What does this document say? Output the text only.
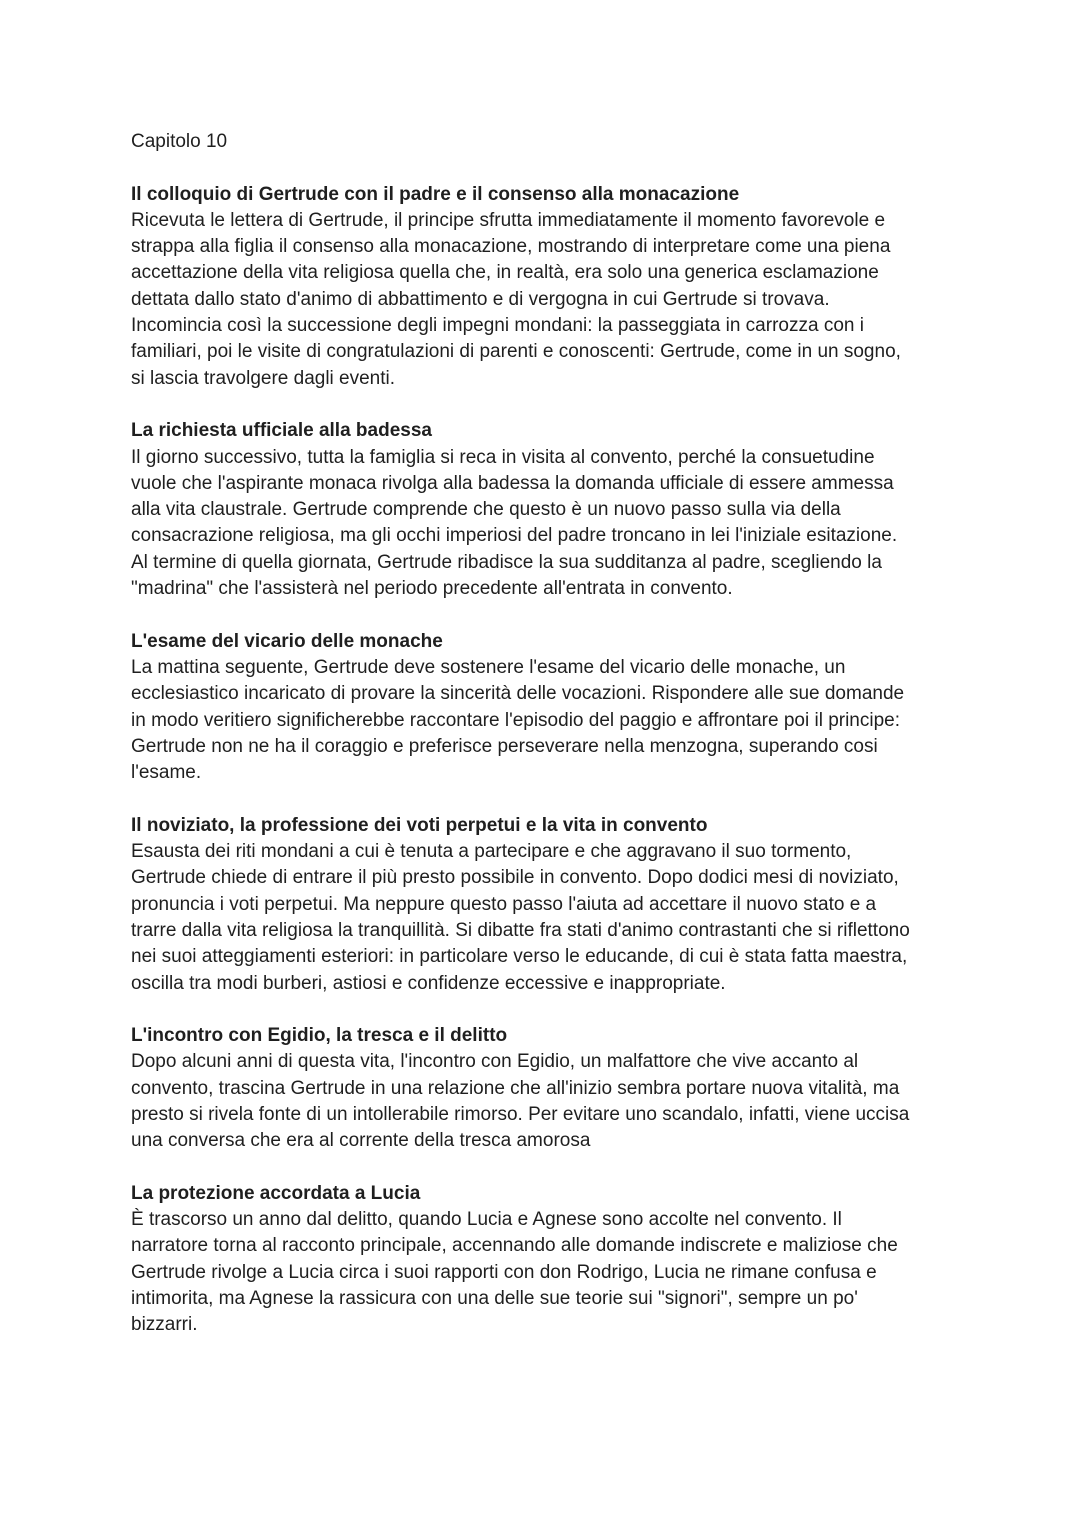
Capitolo 10
Il colloquio di Gertrude con il padre e il consenso alla monacazione
Ricevuta le lettera di Gertrude, il principe sfrutta immediatamente il momento favorevole e
strappa alla figlia il consenso alla monacazione, mostrando di interpretare come una piena
accettazione della vita religiosa quella che, in realtà, era solo una generica esclamazione
dettata dallo stato d'animo di abbattimento e di vergogna in cui Gertrude si trovava.
Incomincia così la successione degli impegni mondani: la passeggiata in carrozza con i
familiari, poi le visite di congratulazioni di parenti e conoscenti: Gertrude, come in un sogno,
si lascia travolgere dagli eventi.
La richiesta ufficiale alla badessa
Il giorno successivo, tutta la famiglia si reca in visita al convento, perché la consuetudine
vuole che l'aspirante monaca rivolga alla badessa la domanda ufficiale di essere ammessa
alla vita claustrale. Gertrude comprende che questo è un nuovo passo sulla via della
consacrazione religiosa, ma gli occhi imperiosi del padre troncano in lei l'iniziale esitazione.
Al termine di quella giornata, Gertrude ribadisce la sua sudditanza al padre, scegliendo la
"madrina" che l'assisterà nel periodo precedente all'entrata in convento.
L'esame del vicario delle monache
La mattina seguente, Gertrude deve sostenere l'esame del vicario delle monache, un
ecclesiastico incaricato di provare la sincerità delle vocazioni. Rispondere alle sue domande
in modo veritiero significherebbe raccontare l'episodio del paggio e affrontare poi il principe:
Gertrude non ne ha il coraggio e preferisce perseverare nella menzogna, superando cosi
l'esame.
Il noviziato, la professione dei voti perpetui e la vita in convento
Esausta dei riti mondani a cui è tenuta a partecipare e che aggravano il suo tormento,
Gertrude chiede di entrare il più presto possibile in convento. Dopo dodici mesi di noviziato,
pronuncia i voti perpetui. Ma neppure questo passo l'aiuta ad accettare il nuovo stato e a
trarre dalla vita religiosa la tranquillità. Si dibatte fra stati d'animo contrastanti che si riflettono
nei suoi atteggiamenti esteriori: in particolare verso le educande, di cui è stata fatta maestra,
oscilla tra modi burberi, astiosi e confidenze eccessive e inappropriate.
L'incontro con Egidio, la tresca e il delitto
Dopo alcuni anni di questa vita, l'incontro con Egidio, un malfattore che vive accanto al
convento, trascina Gertrude in una relazione che all'inizio sembra portare nuova vitalità, ma
presto si rivela fonte di un intollerabile rimorso. Per evitare uno scandalo, infatti, viene uccisa
una conversa che era al corrente della tresca amorosa
La protezione accordata a Lucia
È trascorso un anno dal delitto, quando Lucia e Agnese sono accolte nel convento. Il
narratore torna al racconto principale, accennando alle domande indiscrete e maliziose che
Gertrude rivolge a Lucia circa i suoi rapporti con don Rodrigo, Lucia ne rimane confusa e
intimorita, ma Agnese la rassicura con una delle sue teorie sui "signori", sempre un po'
bizzarri.
